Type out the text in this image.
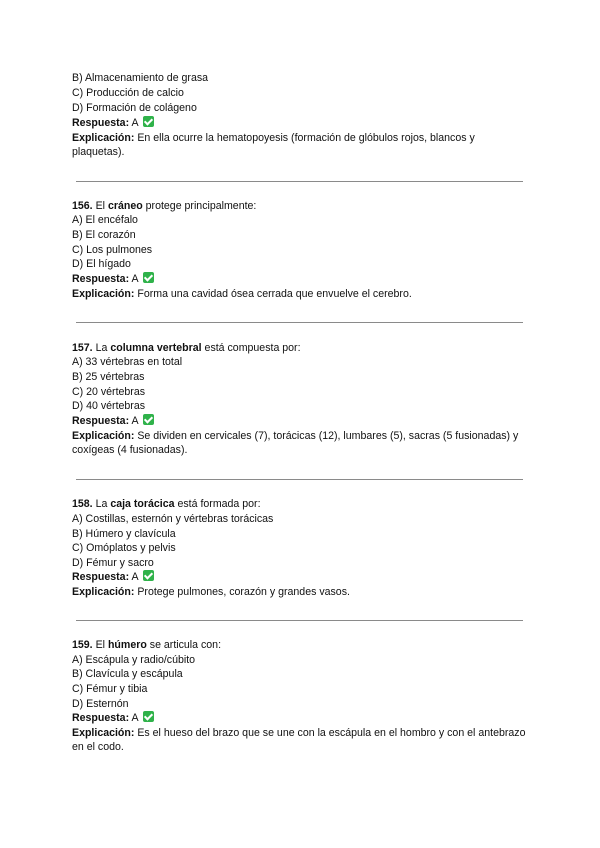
B) Almacenamiento de grasa
C) Producción de calcio
D) Formación de colágeno
Respuesta: A
Explicación: En ella ocurre la hematopoyesis (formación de glóbulos rojos, blancos y plaquetas).
156. El cráneo protege principalmente:
A) El encéfalo
B) El corazón
C) Los pulmones
D) El hígado
Respuesta: A
Explicación: Forma una cavidad ósea cerrada que envuelve el cerebro.
157. La columna vertebral está compuesta por:
A) 33 vértebras en total
B) 25 vértebras
C) 20 vértebras
D) 40 vértebras
Respuesta: A
Explicación: Se dividen en cervicales (7), torácicas (12), lumbares (5), sacras (5 fusionadas) y coxígeas (4 fusionadas).
158. La caja torácica está formada por:
A) Costillas, esternón y vértebras torácicas
B) Húmero y clavícula
C) Omóplatos y pelvis
D) Fémur y sacro
Respuesta: A
Explicación: Protege pulmones, corazón y grandes vasos.
159. El húmero se articula con:
A) Escápula y radio/cúbito
B) Clavícula y escápula
C) Fémur y tibia
D) Esternón
Respuesta: A
Explicación: Es el hueso del brazo que se une con la escápula en el hombro y con el antebrazo en el codo.
